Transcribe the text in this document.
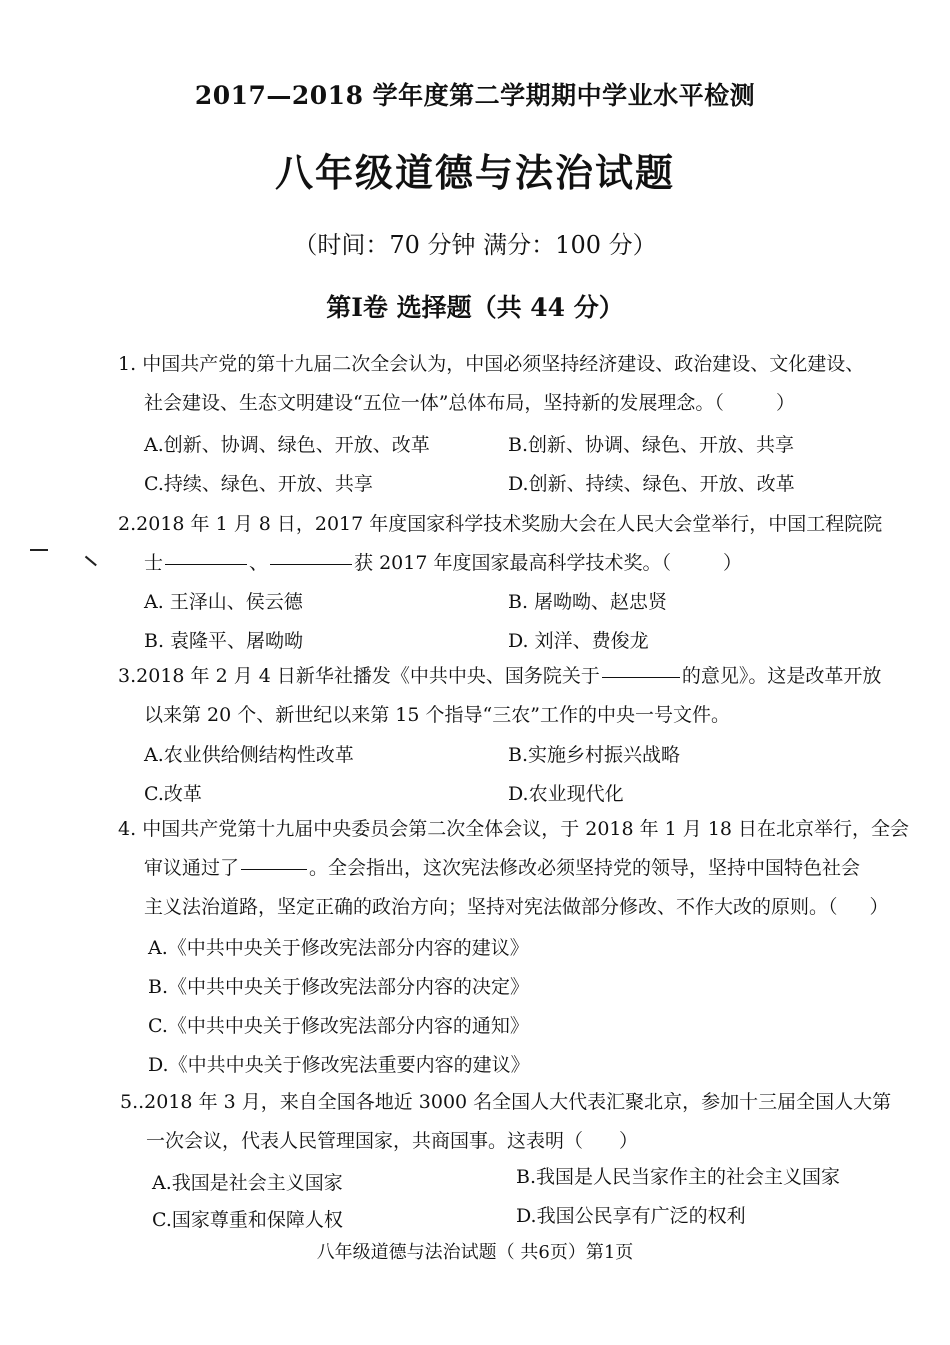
2017—2018 学年度第二学期期中学业水平检测
八年级道德与法治试题
（时间：70 分钟 满分：100 分）
第Ⅰ卷 选择题（共 44 分）
1. 中国共产党的第十九届二次全会认为，中国必须坚持经济建设、政治建设、文化建设、
社会建设、生态文明建设“五位一体”总体布局，坚持新的发展理念。（	）
A.创新、协调、绿色、开放、改革	B.创新、协调、绿色、开放、共享
C.持续、绿色、开放、共享	D.创新、持续、绿色、开放、改革
2.2018 年 1 月 8 日，2017 年度国家科学技术奖励大会在人民大会堂举行，中国工程院院
士	、	获 2017 年度国家最高科学技术奖。（	）
A. 王泽山、侯云德	B. 屠呦呦、赵忠贤
B. 袁隆平、屠呦呦	D. 刘洋、费俊龙
3.2018 年 2 月 4 日新华社播发《中共中央、国务院关于	的意见》。这是改革开放
以来第 20 个、新世纪以来第 15 个指导“三农”工作的中央一号文件。
A.农业供给侧结构性改革	B.实施乡村振兴战略
C.改革	D.农业现代化
4. 中国共产党第十九届中央委员会第二次全体会议，于 2018 年 1 月 18 日在北京举行，全会
审议通过了	。全会指出，这次宪法修改必须坚持党的领导，坚持中国特色社会
主义法治道路，坚定正确的政治方向；坚持对宪法做部分修改、不作大改的原则。（ ）
A.《中共中央关于修改宪法部分内容的建议》
B.《中共中央关于修改宪法部分内容的决定》
C.《中共中央关于修改宪法部分内容的通知》
D.《中共中央关于修改宪法重要内容的建议》
5..2018 年 3 月，来自全国各地近 3000 名全国人大代表汇聚北京，参加十三届全国人大第
一次会议，代表人民管理国家，共商国事。这表明（ ）
A.我国是社会主义国家	B.我国是人民当家作主的社会主义国家
C.国家尊重和保障人权	D.我国公民享有广泛的权利
八年级道德与法治试题（ 共6页）第1页
